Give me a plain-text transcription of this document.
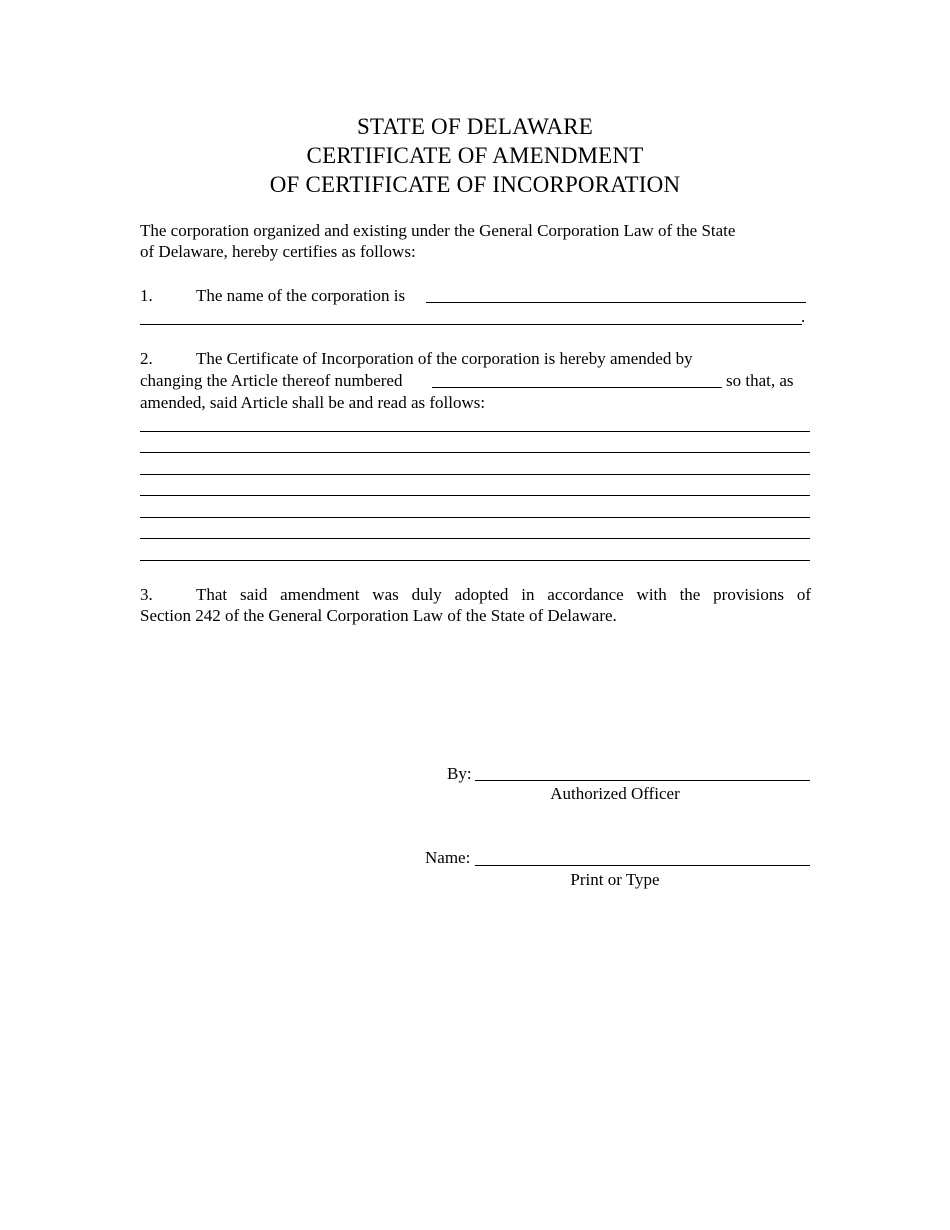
STATE OF DELAWARE
CERTIFICATE OF AMENDMENT
OF CERTIFICATE OF INCORPORATION
The corporation organized and existing under the General Corporation Law of the State
of Delaware, hereby certifies as follows:
1.	The name of the corporation is
.
2.	The Certificate of Incorporation of the corporation is hereby amended by
changing the Article thereof numbered	so that, as
amended, said Article shall be and read as follows:
3.	That said amendment was duly adopted in accordance with the provisions of
Section 242 of the General Corporation Law of the State of Delaware.
By:
Authorized Officer
Name:
Print or Type
